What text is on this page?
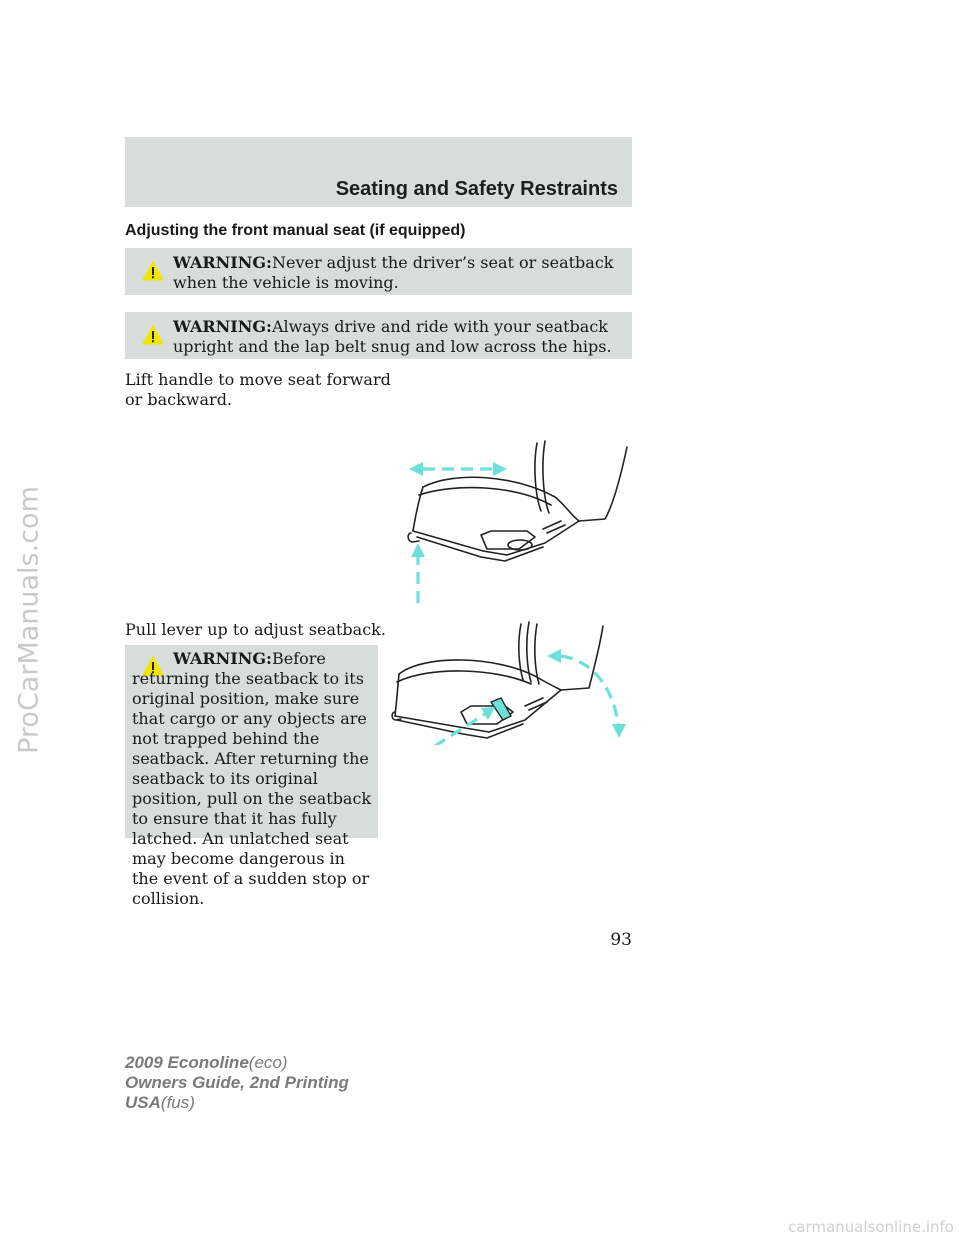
ProCarManuals.com
Seating and Safety Restraints
Adjusting the front manual seat (if equipped)
WARNING:Never adjust the driver’s seat or seatback when the vehicle is moving.
WARNING:Always drive and ride with your seatback upright and the lap belt snug and low across the hips.
Lift handle to move seat forward or backward.
Pull lever up to adjust seatback.
WARNING:Before returning the seatback to its original position, make sure that cargo or any objects are not trapped behind the seatback. After returning the seatback to its original position, pull on the seatback to ensure that it has fully latched. An unlatched seat may become dangerous in the event of a sudden stop or collision.
93
2009 Econoline(eco)
Owners Guide, 2nd Printing
USA(fus)
carmanualsonline.info
